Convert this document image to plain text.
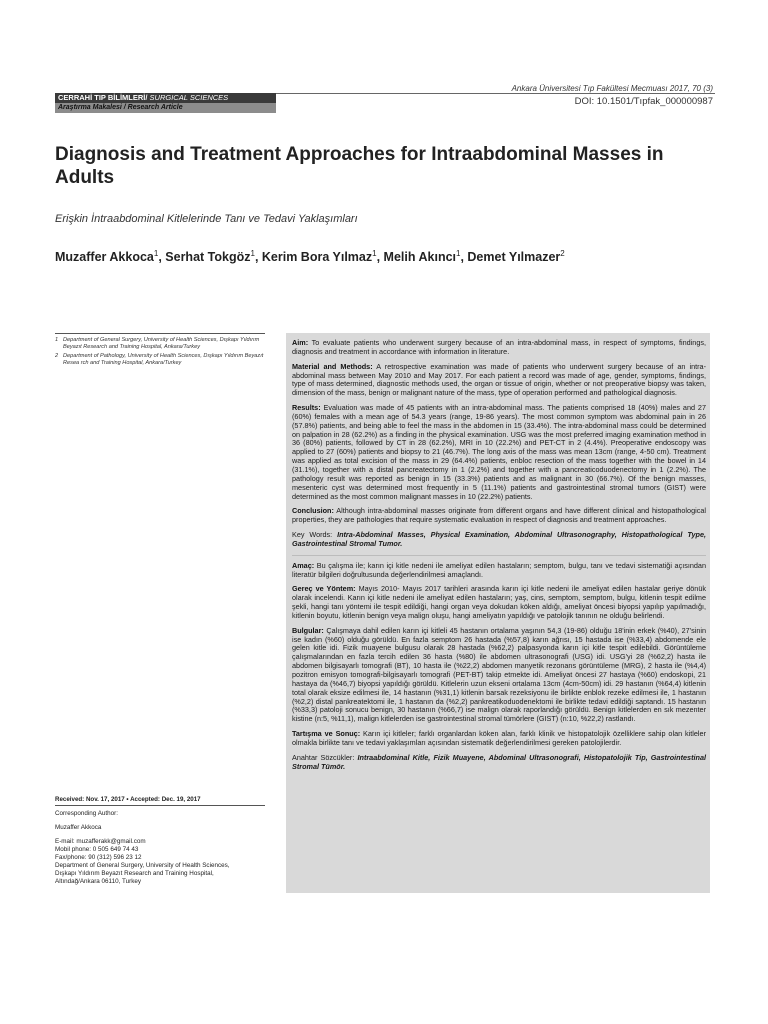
Ankara Üniversitesi Tıp Fakültesi Mecmuası 2017, 70 (3)
DOI: 10.1501/Tıpfak_000000987
CERRAHİ TIP BİLİMLERİ/ SURGICAL SCIENCES
Araştırma Makalesi / Research Article
Diagnosis and Treatment Approaches for Intraabdominal Masses in Adults
Erişkin İntraabdominal Kitlelerinde Tanı ve Tedavi Yaklaşımları
Muzaffer Akkoca$^1$, Serhat Tokgöz$^1$, Kerim Bora Yılmaz$^1$, Melih Akıncı$^1$, Demet Yılmazer$^2$
1 Department of General Surgery, University of Health Sciences, Dışkapı Yıldırım Beyazıt Research and Training Hospital, Ankara/Turkey
2 Department of Pathology, University of Health Sciences, Dışkapı Yıldırım Beyazıt Resea rch and Training Hospital, Ankara/Turkey
Received: Nov. 17, 2017 • Accepted: Dec. 19, 2017
Corresponding Author:
Muzaffer Akkoca
E-mail: muzafferakk@gmail.com
Mobil phone: 0 505 649 74 43
Fax/phone: 90 (312) 596 23 12
Department of General Surgery, University of Health Sciences,
Dışkapı Yıldırım Beyazıt Research and Training Hospital,
Altındağ/Ankara 06110, Turkey

Aim: To evaluate patients who underwent surgery because of an intra-abdominal mass, in respect of symptoms, findings, diagnosis and treatment in accordance with information in literature.

Material and Methods: A retrospective examination was made of patients who underwent surgery because of an intra-abdominal mass between May 2010 and May 2017. For each patient a record was made of age, gender, symptoms, findings, type of mass determined, diagnostic methods used, the organ or tissue of origin, whether or not preoperative biopsy was taken, dimension of the mass, benign or malignant nature of the mass, type of operation performed and pathological diagnosis.

Results: Evaluation was made of 45 patients with an intra-abdominal mass. The patients comprised 18 (40%) males and 27 (60%) females with a mean age of 54.3 years (range, 19-86 years). The most common symptom was abdominal pain in 26 (57.8%) patients, and being able to feel the mass in the abdomen in 15 (33.4%). The intra-abdominal mass could be determined on palpation in 28 (62.2%) as a finding in the physical examination. USG was the most preferred imaging examination method in 36 (80%) patients, followed by CT in 28 (62.2%), MRI in 10 (22.2%) and PET-CT in 2 (4.4%). Preoperative endoscopy was applied to 27 (60%) patients and biopsy to 21 (46.7%). The long axis of the mass was mean 13cm (range, 4-50 cm). Treatment was applied as total excision of the mass in 29 (64.4%) patients, enbloc resection of the mass together with the bowel in 14 (31.1%), together with a distal pancreatectomy in 1 (2.2%) and together with a pancreaticoduodenectomy in 1 (2.2%). The pathology result was reported as benign in 15 (33.3%) patients and as malignant in 30 (66.7%). Of the benign masses, mesenteric cyst was determined most frequently in 5 (11.1%) patients and gastrointestinal stromal tumors (GIST) were determined as the most common malignant masses in 10 (22.2%) patients.

Conclusion: Although intra-abdominal masses originate from different organs and have different clinical and histopathological properties, they are pathologies that require systematic evaluation in respect of diagnosis and treatment approaches.

Key Words: Intra-Abdominal Masses, Physical Examination, Abdominal Ultrasonography, Histopathological Type, Gastrointestinal Stromal Tumor.

Amaç: Bu çalışma ile; karın içi kitle nedeni ile ameliyat edilen hastaların; semptom, bulgu, tanı ve tedavi sistematiği açısından literatür bilgileri doğrultusunda değerlendirilmesi amaçlandı.

Gereç ve Yöntem: Mayıs 2010- Mayıs 2017 tarihleri arasında karın içi kitle nedeni ile ameliyat edilen hastalar geriye dönük olarak incelendi. Karın içi kitle nedeni ile ameliyat edilen hastaların; yaş, cins, semptom, semptom, bulgu, kitlenin tespit edilme şekli, hangi tanı yöntemi ile tespit edildiği, hangi organ veya dokudan köken aldığı, ameliyat öncesi biyopsi yapılıp yapılmadığı, kitlenin boyutu, kitlenin benign veya malign oluşu, hangi ameliyatın yapıldığı ve patolojik tanının ne olduğu belirlendi.

Bulgular: Çalışmaya dahil edilen karın içi kitleli 45 hastanın ortalama yaşının 54,3 (19-86) olduğu 18'inin erkek (%40), 27'sinin ise kadın (%60) olduğu görüldü. En fazla semptom 26 hastada (%57,8) karın ağrısı, 15 hastada ise (%33,4) abdomende ele gelen kitle idi. Fizik muayene bulgusu olarak 28 hastada (%62,2) palpasyonda karın içi kitle tespit edilebildi. Görüntüleme çalışmalarından en fazla tercih edilen 36 hasta (%80) ile abdomen ultrasonografi (USG) idi. USG'yi 28 (%62,2) hasta ile abdomen bilgisayarlı tomografi (BT), 10 hasta ile (%22,2) abdomen manyetik rezonans görüntüleme (MRG), 2 hasta ile (%4,4) pozitron emisyon tomografi-bilgisayarlı tomografi (PET-BT) takip etmekte idi. Ameliyat öncesi 27 hastaya (%60) endoskopi, 21 hastaya da (%46,7) biyopsi yapıldığı görüldü. Kitlelerin uzun ekseni ortalama 13cm (4cm-50cm) idi. 29 hastanın (%64,4) kitlenin total olarak eksize edilmesi ile, 14 hastanın (%31,1) kitlenin barsak rezeksiyonu ile birlikte enblok rezeke edilmesi ile, 1 hastanın (%2,2) distal pankreatektomi ile, 1 hastanın da (%2,2) pankreatikoduodenektomi ile birlikte tedavi edildiği saptandı. 15 hastanın (%33,3) patoloji sonucu benign, 30 hastanın (%66,7) ise malign olarak raporlandığı görüldü. Benign kitlelerden en sık mezenter kistine (n:5, %11,1), malign kitlelerden ise gastrointestinal stromal tümörlere (GIST) (n:10, %22,2) rastlandı.

Tartışma ve Sonuç: Karın içi kitleler; farklı organlardan köken alan, farklı klinik ve histopatolojik özelliklere sahip olan kitleler olmakla birlikte tanı ve tedavi yaklaşımları açısından sistematik değerlendirilmesi gereken patolojilerdir.

Anahtar Sözcükler: Intraabdominal Kitle, Fizik Muayene, Abdominal Ultrasonografi, Histopatolojik Tip, Gastrointestinal Stromal Tümör.
